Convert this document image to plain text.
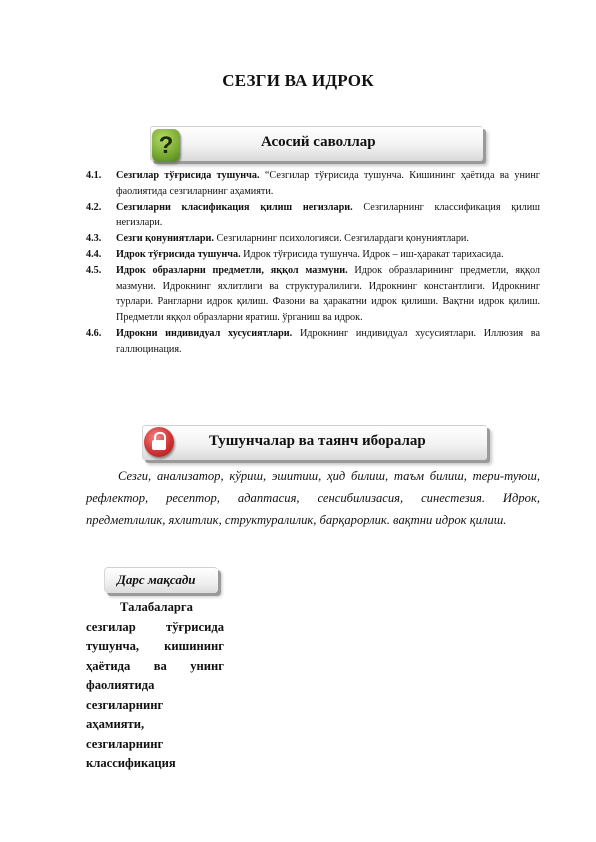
СЕЗГИ ВА ИДРОК
Асосий саволлар
?
4.1. Сезгилар тўғрисида тушунча. “Сезгилар тўғрисида тушунча. Кишининг ҳаётида ва унинг фаолиятида сезгиларнинг аҳамияти.
4.2. Сезгиларни класификация қилиш негизлари. Сезгиларнинг классификация қилиш негизлари.
4.3. Сезги қонуниятлари. Сезгиларнинг психологияси. Сезгилардаги қонуниятлари.
4.4. Идрок тўғрисида тушунча. Идрок тўғрисида тушунча. Идрок – иш-ҳаракат тарихасида.
4.5. Идрок образларни предметли, яққол мазмуни. Идрок образларининг предметли, яққол мазмуни. Идрокнинг яхлитлиги ва структуралилиги. Идрокнинг константлиги. Идрокнинг турлари. Рангларни идрок қилиш. Фазони ва ҳаракатни идрок қилиши. Вақтни идрок қилиш. Предметли яққол образларни яратиш. ўрганиш ва идрок.
4.6. Идрокни индивидуал хусусиятлари. Идрокнинг индивидуал хусусиятлари. Иллюзия ва галлюцинация.
Тушунчалар ва таянч иборалар
Сезги, анализатор, кўриш, эшитиш, ҳид билиш, таъм билиш, тери-туюш, рефлектор, ресептор, адаптасия, сенсибилизасия, синестезия. Идрок, предметлилик, яхлитлик, структуралилик, барқарорлик. вақтни идрок қилиш.
Дарс мақсади
Талабаларга
сезгилар тўғрисида
тушунча, кишининг
ҳаётида ва унинг
фаолиятида
сезгиларнинг
аҳамияти,
сезгиларнинг
классификация
